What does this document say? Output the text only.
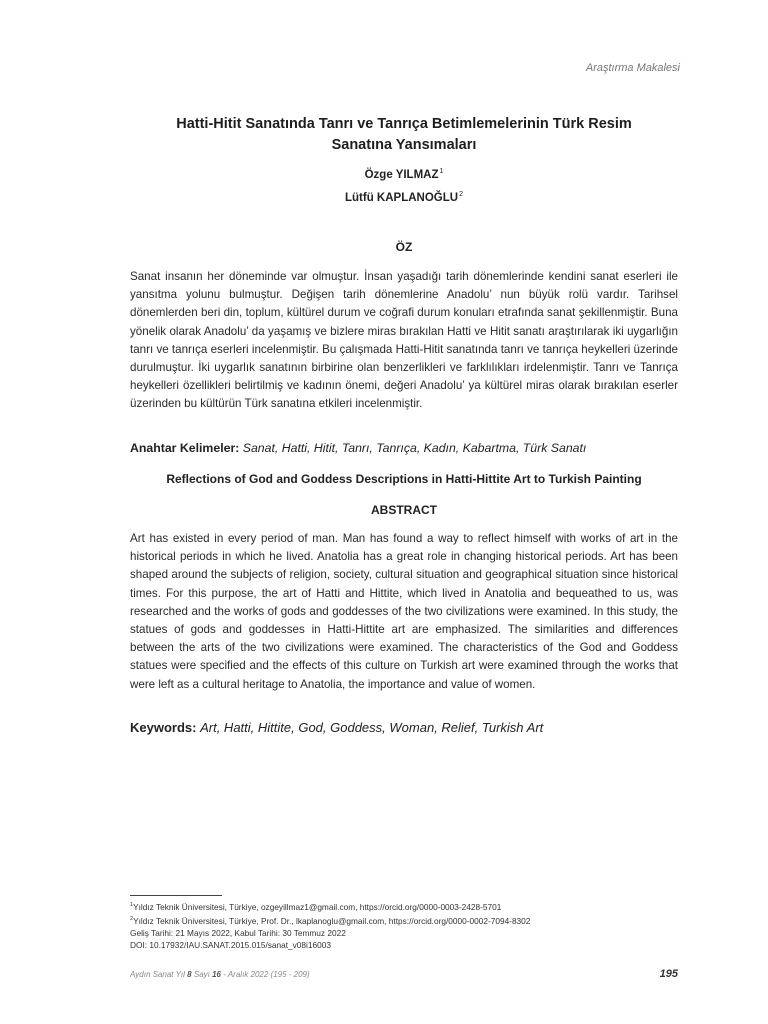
Araştırma Makalesi
Hatti-Hitit Sanatında Tanrı ve Tanrıça Betimlemelerinin Türk Resim
Sanatına Yansımaları
Özge YILMAZ$^1$
Lütfü KAPLANOĞLU$^2$
ÖZ
Sanat insanın her döneminde var olmuştur. İnsan yaşadığı tarih dönemlerinde kendini sanat eserleri ile yansıtma yolunu bulmuştur. Değişen tarih dönemlerine Anadolu’ nun büyük rolü vardır. Tarihsel dönemlerden beri din, toplum, kültürel durum ve coğrafi durum konuları etrafında sanat şekillenmiştir. Buna yönelik olarak Anadolu’ da yaşamış ve bizlere miras bırakılan Hatti ve Hitit sanatı araştırılarak iki uygarlığın tanrı ve tanrıça eserleri incelenmiştir. Bu çalışmada Hatti-Hitit sanatında tanrı ve tanrıça heykelleri üzerinde durulmuştur. İki uygarlık sanatının birbirine olan benzerlikleri ve farklılıkları irdelenmiştir. Tanrı ve Tanrıça heykelleri özellikleri belirtilmiş ve kadının önemi, değeri Anadolu’ ya kültürel miras olarak bırakılan eserler üzerinden bu kültürün Türk sanatına etkileri incelenmiştir.
Anahtar Kelimeler: Sanat, Hatti, Hitit, Tanrı, Tanrıça, Kadın, Kabartma, Türk Sanatı
Reflections of God and Goddess Descriptions in Hatti-Hittite Art to Turkish Painting
ABSTRACT
Art has existed in every period of man. Man has found a way to reflect himself with works of art in the historical periods in which he lived. Anatolia has a great role in changing historical periods. Art has been shaped around the subjects of religion, society, cultural situation and geographical situation since historical times. For this purpose, the art of Hatti and Hittite, which lived in Anatolia and bequeathed to us, was researched and the works of gods and goddesses of the two civilizations were examined. In this study, the statues of gods and goddesses in Hatti-Hittite art are emphasized. The similarities and differences between the arts of the two civilizations were examined. The characteristics of the God and Goddess statues were specified and the effects of this culture on Turkish art were examined through the works that were left as a cultural heritage to Anatolia, the importance and value of women.
Keywords: Art, Hatti, Hittite, God, Goddess, Woman, Relief, Turkish Art
$^1$Yıldız Teknik Üniversitesi, Türkiye, ozgeyillmaz1@gmail.com, https://orcid.org/0000-0003-2428-5701
$^2$Yıldız Teknik Üniversitesi, Türkiye, Prof. Dr., lkaplanoglu@gmail.com, https://orcid.org/0000-0002-7094-8302
Geliş Tarihi: 21 Mayıs 2022, Kabul Tarihi: 30 Temmuz 2022
DOI: 10.17932/IAU.SANAT.2015.015/sanat_v08i16003
Aydın Sanat Yıl 8 Sayı 16 - Aralık 2022 (195 - 209)	195
